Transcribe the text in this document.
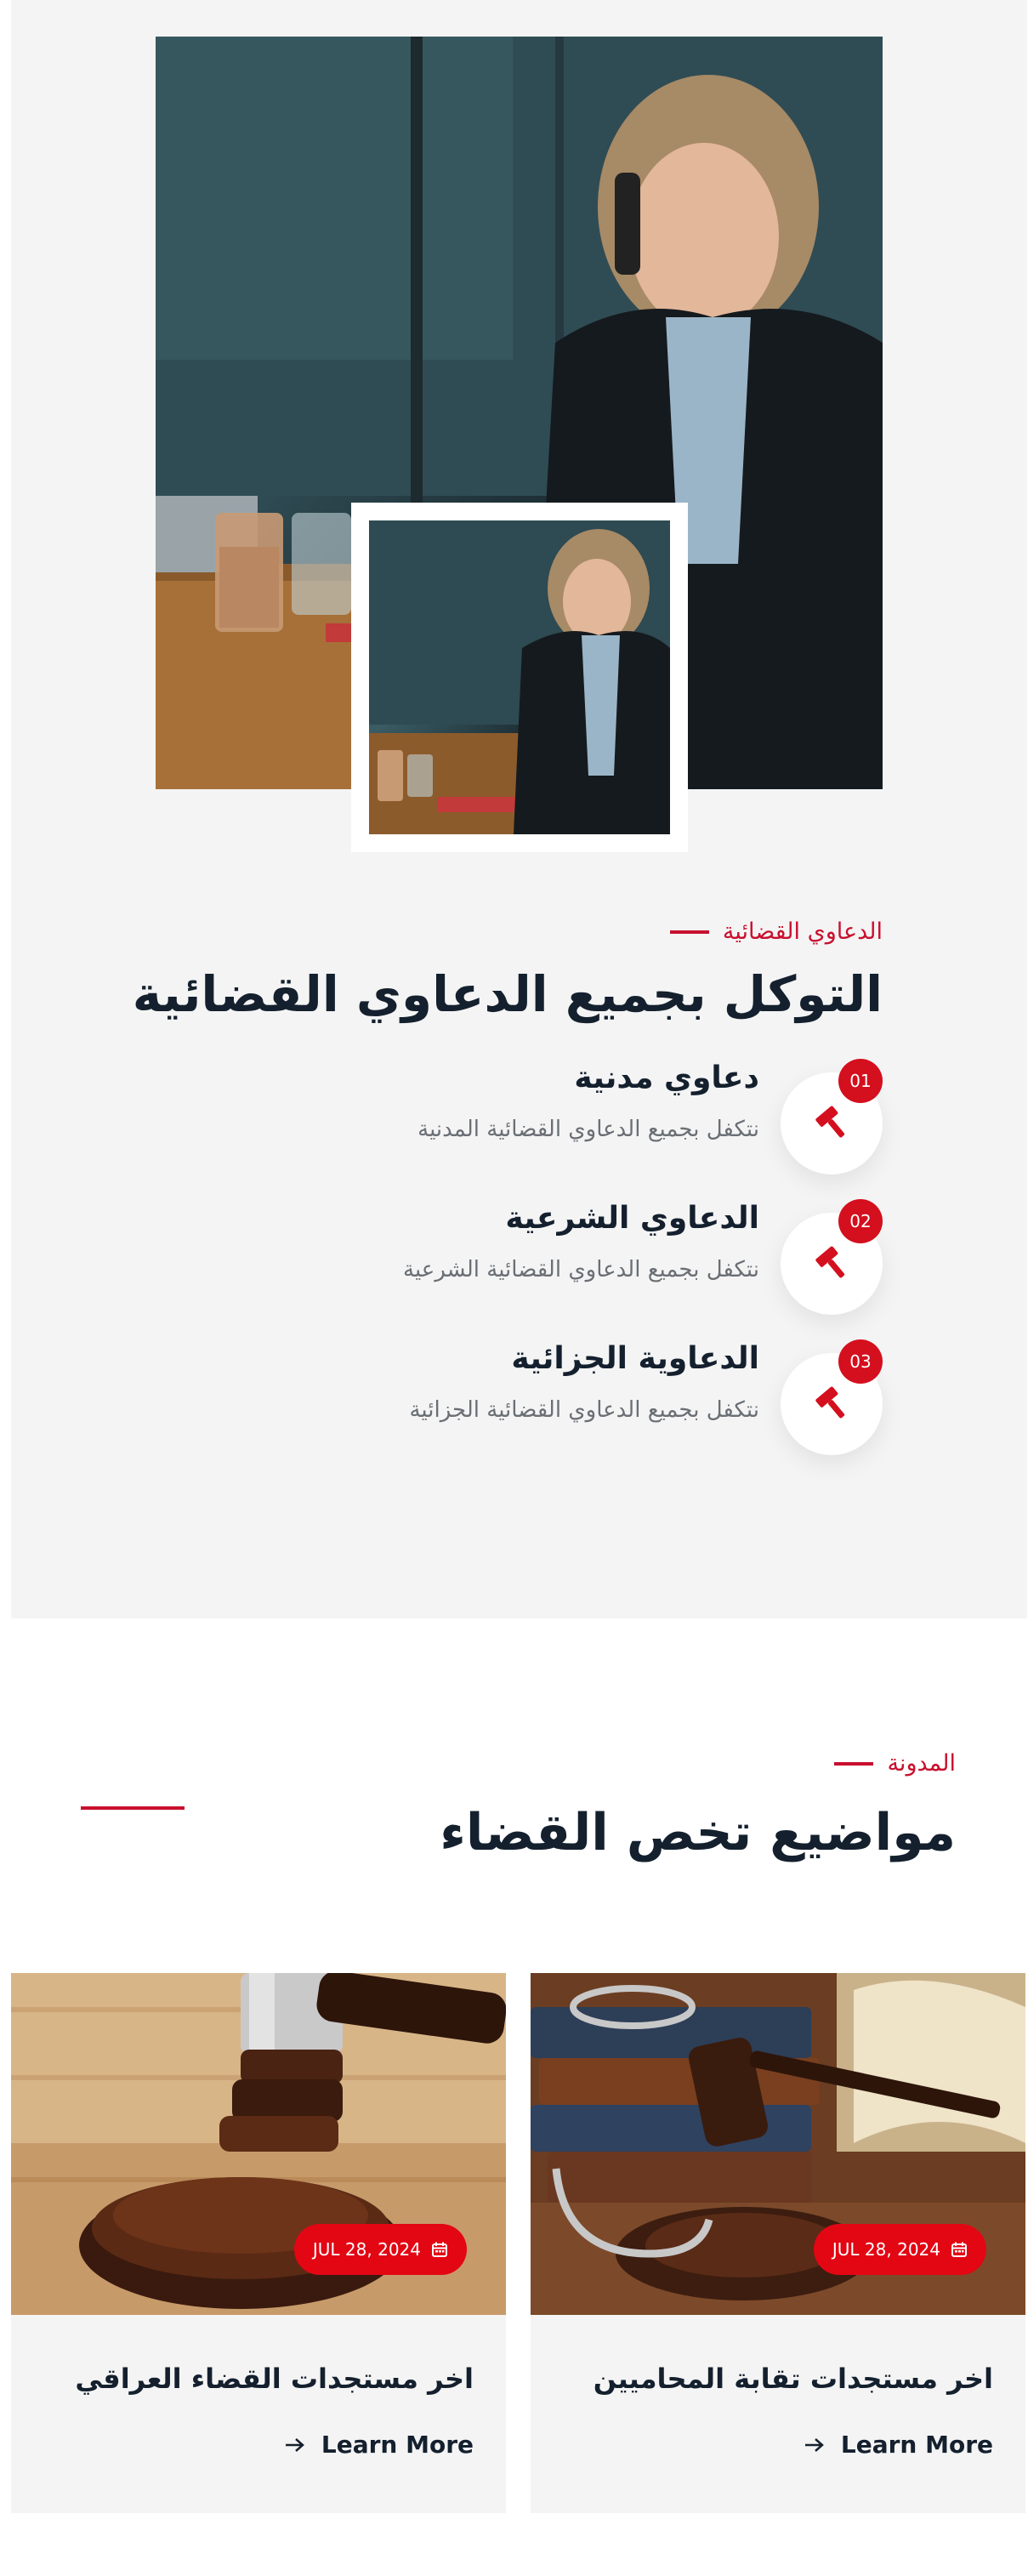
الدعاوي القضائية
التوكل بجميع الدعاوي القضائية
01
دعاوي مدنية
نتكفل بجميع الدعاوي القضائية المدنية
02
الدعاوي الشرعية
نتكفل بجميع الدعاوي القضائية الشرعية
03
الدعاوية الجزائية
نتكفل بجميع الدعاوي القضائية الجزائية
المدونة
مواضيع تخص القضاء
JUL 28, 2024
اخر مستجدات تقابة المحاميين
Learn More
JUL 28, 2024
اخر مستجدات القضاء العراقي
Learn More
